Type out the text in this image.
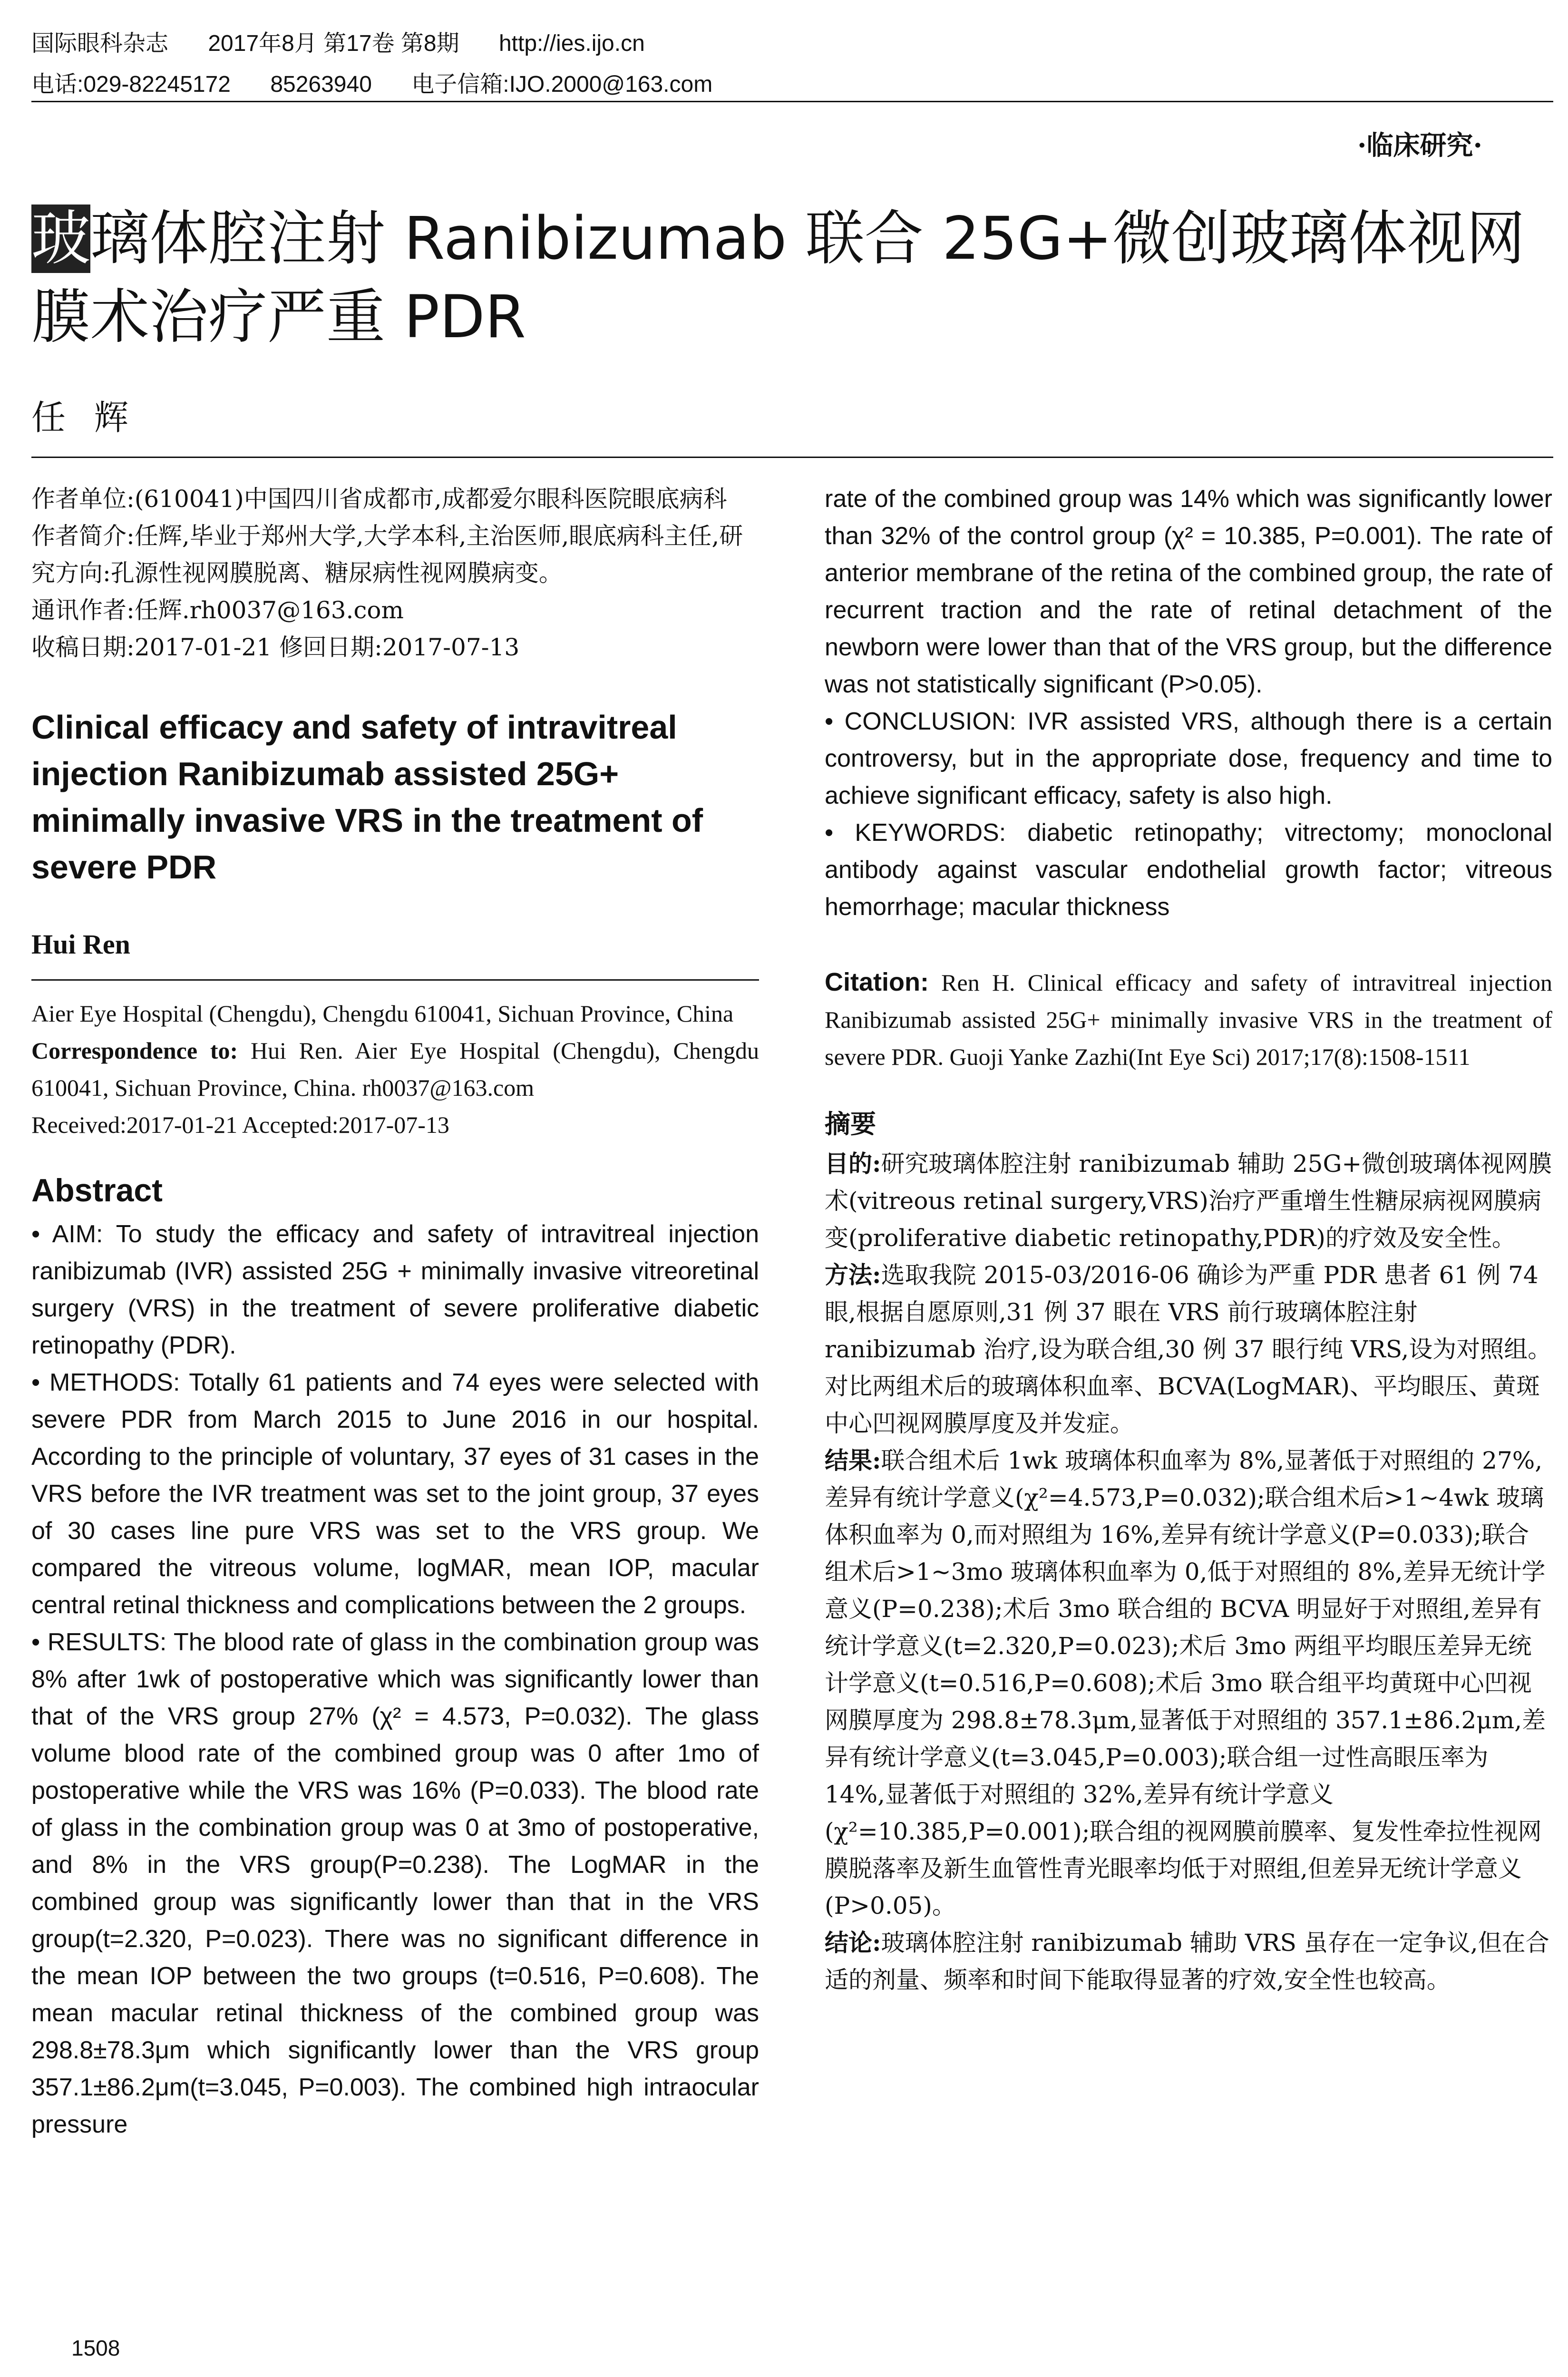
国际眼科杂志 2017年8月 第17卷 第8期 http://ies.ijo.cn
电话:029-82245172 85263940 电子信箱:IJO.2000@163.com
·临床研究·
玻璃体腔注射 Ranibizumab 联合 25G+微创玻璃体视网膜术治疗严重 PDR
任辉

作者单位:(610041)中国四川省成都市,成都爱尔眼科医院眼底病科

作者简介:任辉,毕业于郑州大学,大学本科,主治医师,眼底病科主任,研究方向:孔源性视网膜脱离、糖尿病性视网膜病变。

通讯作者:任辉.rh0037@163.com

收稿日期:2017-01-21 修回日期:2017-07-13

Clinical efficacy and safety of intravitreal injection Ranibizumab assisted 25G+ minimally invasive VRS in the treatment of severe PDR

Hui Ren

Aier Eye Hospital (Chengdu), Chengdu 610041, Sichuan Province, China

Correspondence to: Hui Ren. Aier Eye Hospital (Chengdu), Chengdu 610041, Sichuan Province, China. rh0037@163.com

Received:2017-01-21 Accepted:2017-07-13

Abstract

• AIM: To study the efficacy and safety of intravitreal injection ranibizumab (IVR) assisted 25G + minimally invasive vitreoretinal surgery (VRS) in the treatment of severe proliferative diabetic retinopathy (PDR).

• METHODS: Totally 61 patients and 74 eyes were selected with severe PDR from March 2015 to June 2016 in our hospital. According to the principle of voluntary, 37 eyes of 31 cases in the VRS before the IVR treatment was set to the joint group, 37 eyes of 30 cases line pure VRS was set to the VRS group. We compared the vitreous volume, logMAR, mean IOP, macular central retinal thickness and complications between the 2 groups.

• RESULTS: The blood rate of glass in the combination group was 8% after 1wk of postoperative which was significantly lower than that of the VRS group 27% (χ² = 4.573, P=0.032). The glass volume blood rate of the combined group was 0 after 1mo of postoperative while the VRS was 16% (P=0.033). The blood rate of glass in the combination group was 0 at 3mo of postoperative, and 8% in the VRS group(P=0.238). The LogMAR in the combined group was significantly lower than that in the VRS group(t=2.320, P=0.023). There was no significant difference in the mean IOP between the two groups (t=0.516, P=0.608). The mean macular retinal thickness of the combined group was 298.8±78.3μm which significantly lower than the VRS group 357.1±86.2μm(t=3.045, P=0.003). The combined high intraocular pressure

rate of the combined group was 14% which was significantly lower than 32% of the control group (χ² = 10.385, P=0.001). The rate of anterior membrane of the retina of the combined group, the rate of recurrent traction and the rate of retinal detachment of the newborn were lower than that of the VRS group, but the difference was not statistically significant (P>0.05).

• CONCLUSION: IVR assisted VRS, although there is a certain controversy, but in the appropriate dose, frequency and time to achieve significant efficacy, safety is also high.

• KEYWORDS: diabetic retinopathy; vitrectomy; monoclonal antibody against vascular endothelial growth factor; vitreous hemorrhage; macular thickness

Citation: Ren H. Clinical efficacy and safety of intravitreal injection Ranibizumab assisted 25G+ minimally invasive VRS in the treatment of severe PDR. Guoji Yanke Zazhi(Int Eye Sci) 2017;17(8):1508-1511

摘要

目的:研究玻璃体腔注射 ranibizumab 辅助 25G+微创玻璃体视网膜术(vitreous retinal surgery,VRS)治疗严重增生性糖尿病视网膜病变(proliferative diabetic retinopathy,PDR)的疗效及安全性。

方法:选取我院 2015-03/2016-06 确诊为严重 PDR 患者 61 例 74 眼,根据自愿原则,31 例 37 眼在 VRS 前行玻璃体腔注射 ranibizumab 治疗,设为联合组,30 例 37 眼行纯 VRS,设为对照组。对比两组术后的玻璃体积血率、BCVA(LogMAR)、平均眼压、黄斑中心凹视网膜厚度及并发症。

结果:联合组术后 1wk 玻璃体积血率为 8%,显著低于对照组的 27%,差异有统计学意义(χ²=4.573,P=0.032);联合组术后>1~4wk 玻璃体积血率为 0,而对照组为 16%,差异有统计学意义(P=0.033);联合组术后>1~3mo 玻璃体积血率为 0,低于对照组的 8%,差异无统计学意义(P=0.238);术后 3mo 联合组的 BCVA 明显好于对照组,差异有统计学意义(t=2.320,P=0.023);术后 3mo 两组平均眼压差异无统计学意义(t=0.516,P=0.608);术后 3mo 联合组平均黄斑中心凹视网膜厚度为 298.8±78.3μm,显著低于对照组的 357.1±86.2μm,差异有统计学意义(t=3.045,P=0.003);联合组一过性高眼压率为 14%,显著低于对照组的 32%,差异有统计学意义(χ²=10.385,P=0.001);联合组的视网膜前膜率、复发性牵拉性视网膜脱落率及新生血管性青光眼率均低于对照组,但差异无统计学意义(P>0.05)。

结论:玻璃体腔注射 ranibizumab 辅助 VRS 虽存在一定争议,但在合适的剂量、频率和时间下能取得显著的疗效,安全性也较高。

1508
